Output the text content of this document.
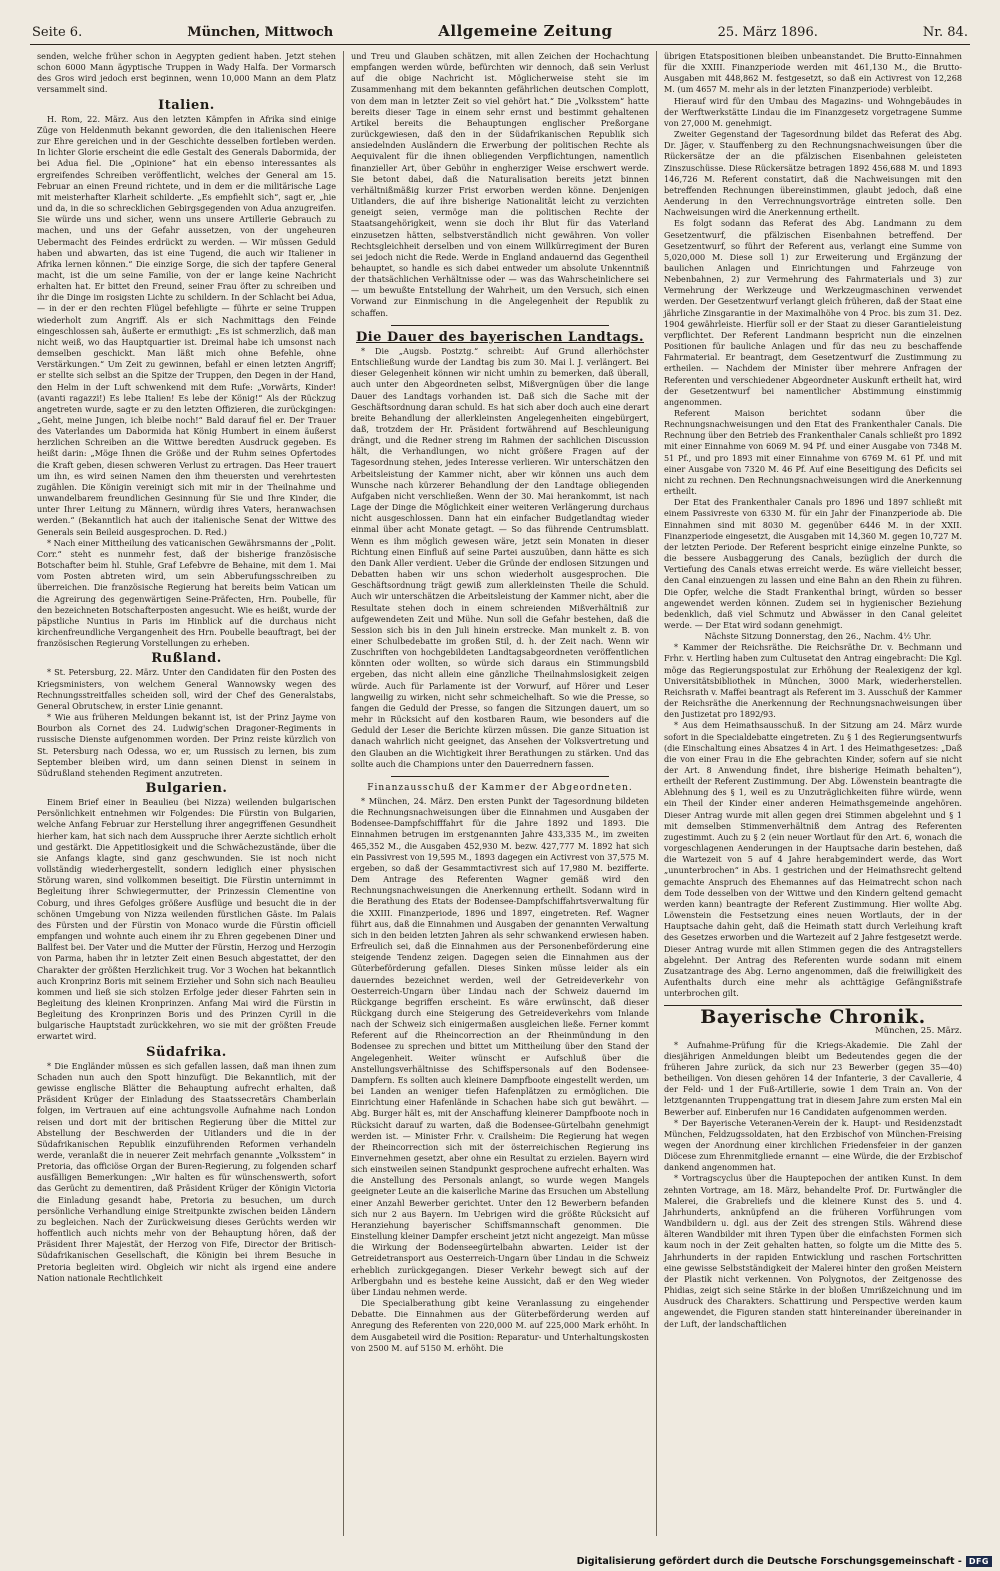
Seite 6.	München, Mittwoch	Allgemeine Zeitung	25. März 1896.	Nr. 84.

senden, welche früher schon in Aegypten gedient haben. Jetzt stehen schon 6000 Mann ägyptische Truppen in Wady Halfa. Der Vormarsch des Gros wird jedoch erst beginnen, wenn 10,000 Mann an dem Platz versammelt sind.

Italien.

H. Rom, 22. März. Aus den letzten Kämpfen in Afrika sind einige Züge von Heldenmuth bekannt geworden, die den italienischen Heere zur Ehre gereichen und in der Geschichte desselben fortleben werden. In lichter Glorie erscheint die edle Gestalt des Generals Dabormida, der bei Adua fiel. Die „Opinione“ hat ein ebenso interessantes als ergreifendes Schreiben veröffentlicht, welches der General am 15. Februar an einen Freund richtete, und in dem er die militärische Lage mit meisterhafter Klarheit schilderte. „Es empfiehlt sich“, sagt er, „hie und da, in die so schrecklichen Gebirgsgegenden von Adua anzugreifen. Sie würde uns und sicher, wenn uns unsere Artillerie Gebrauch zu machen, und uns der Gefahr aussetzen, von der ungeheuren Uebermacht des Feindes erdrückt zu werden. — Wir müssen Geduld haben und abwarten, das ist eine Tugend, die auch wir Italiener in Afrika lernen können.“ Die einzige Sorge, die sich der tapfere General macht, ist die um seine Familie, von der er lange keine Nachricht erhalten hat. Er bittet den Freund, seiner Frau öfter zu schreiben und ihr die Dinge im rosigsten Lichte zu schildern. In der Schlacht bei Adua, — in der er den rechten Flügel befehligte — führte er seine Truppen wiederholt zum Angriff. Als er sich Nachmittags den Feinde eingeschlossen sah, äußerte er ermuthigt: „Es ist schmerzlich, daß man nicht weiß, wo das Hauptquartier ist. Dreimal habe ich umsonst nach demselben geschickt. Man läßt mich ohne Befehle, ohne Verstärkungen.“ Um Zeit zu gewinnen, befahl er einen letzten Angriff; er stellte sich selbst an die Spitze der Truppen, den Degen in der Hand, den Helm in der Luft schwenkend mit dem Rufe: „Vorwärts, Kinder! (avanti ragazzi!) Es lebe Italien! Es lebe der König!“ Als der Rückzug angetreten wurde, sagte er zu den letzten Offizieren, die zurückgingen: „Geht, meine Jungen, ich bleibe noch!“ Bald darauf fiel er. Der Trauer des Vaterlandes um Dabormida hat König Humbert in einem äußerst herzlichen Schreiben an die Wittwe beredten Ausdruck gegeben. Es heißt darin: „Möge Ihnen die Größe und der Ruhm seines Opfertodes die Kraft geben, diesen schweren Verlust zu ertragen. Das Heer trauert um ihn, es wird seinen Namen den ihm theuersten und verehrtesten zugählen. Die Königin vereinigt sich mit mir in der Theilnahme und unwandelbarem freundlichen Gesinnung für Sie und Ihre Kinder, die unter Ihrer Leitung zu Männern, würdig ihres Vaters, heranwachsen werden.“ (Bekanntlich hat auch der italienische Senat der Wittwe des Generals sein Beileid ausgesprochen. D. Red.)

* Nach einer Mittheilung des vaticanischen Gewährsmanns der „Polit. Corr.“ steht es nunmehr fest, daß der bisherige französische Botschafter beim hl. Stuhle, Graf Lefebvre de Behaine, mit dem 1. Mai vom Posten abtreten wird, um sein Abberufungsschreiben zu überreichen. Die französische Regierung hat bereits beim Vatican um die Agreirung des gegenwärtigen Seine-Präfecten, Hrn. Poubelle, für den bezeichneten Botschafterposten angesucht. Wie es heißt, wurde der päpstliche Nuntius in Paris im Hinblick auf die durchaus nicht kirchenfreundliche Vergangenheit des Hrn. Poubelle beauftragt, bei der französischen Regierung Vorstellungen zu erheben.

Rußland.

* St. Petersburg, 22. März. Unter den Candidaten für den Posten des Kriegsministers, von welchem General Wannowsky wegen des Rechnungsstreitfalles scheiden soll, wird der Chef des Generalstabs, General Obrutschew, in erster Linie genannt.

* Wie aus früheren Meldungen bekannt ist, ist der Prinz Jayme von Bourbon als Cornet des 24. Ludwig'schen Dragoner-Regiments in russische Dienste aufgenommen worden. Der Prinz reiste kürzlich von St. Petersburg nach Odessa, wo er, um Russisch zu lernen, bis zum September bleiben wird, um dann seinen Dienst in seinem in Südrußland stehenden Regiment anzutreten.

Bulgarien.

Einem Brief einer in Beaulieu (bei Nizza) weilenden bulgarischen Persönlichkeit entnehmen wir Folgendes: Die Fürstin von Bulgarien, welche Anfang Februar zur Herstellung ihrer angegriffenen Gesundheit hierher kam, hat sich nach dem Ausspruche ihrer Aerzte sichtlich erholt und gestärkt. Die Appetitlosigkeit und die Schwächezustände, über die sie Anfangs klagte, sind ganz geschwunden. Sie ist noch nicht vollständig wiederhergestellt, sondern lediglich einer physischen Störung waren, sind vollkommen beseitigt. Die Fürstin unternimmt in Begleitung ihrer Schwiegermutter, der Prinzessin Clementine von Coburg, und ihres Gefolges größere Ausflüge und besucht die in der schönen Umgebung von Nizza weilenden fürstlichen Gäste. Im Palais des Fürsten und der Fürstin von Monaco wurde die Fürstin officiell empfangen und wohnte auch einem ihr zu Ehren gegebenen Diner und Ballfest bei. Der Vater und die Mutter der Fürstin, Herzog und Herzogin von Parma, haben ihr in letzter Zeit einen Besuch abgestattet, der den Charakter der größten Herzlichkeit trug. Vor 3 Wochen hat bekanntlich auch Kronprinz Boris mit seinem Erzieher und Sohn sich nach Beaulieu kommen und ließ sie sich stolzen Erfolge jeder dieser Fahrten sein in Begleitung des kleinen Kronprinzen. Anfang Mai wird die Fürstin in Begleitung des Kronprinzen Boris und des Prinzen Cyrill in die bulgarische Hauptstadt zurückkehren, wo sie mit der größten Freude erwartet wird.

Südafrika.

* Die Engländer müssen es sich gefallen lassen, daß man ihnen zum Schaden nun auch den Spott hinzufügt. Die Bekanntlich, mit der gewisse englische Blätter die Behauptung aufrecht erhalten, daß Präsident Krüger der Einladung des Staatssecretärs Chamberlain folgen, im Vertrauen auf eine achtungsvolle Aufnahme nach London reisen und dort mit der britischen Regierung über die Mittel zur Abstellung der Beschwerden der Uitlanders und die in der Südafrikanischen Republik einzuführenden Reformen verhandeln werde, veranlaßt die in neuerer Zeit mehrfach genannte „Volksstem“ in Pretoria, das officiöse Organ der Buren-Regierung, zu folgenden scharf ausfälligen Bemerkungen: „Wir halten es für wünschenswerth, sofort das Gerücht zu dementiren, daß Präsident Krüger der Königin Victoria die Einladung gesandt habe, Pretoria zu besuchen, um durch persönliche Verhandlung einige Streitpunkte zwischen beiden Ländern zu begleichen. Nach der Zurückweisung dieses Gerüchts werden wir hoffentlich auch nichts mehr von der Behauptung hören, daß der Präsident Ihrer Majestät, der Herzog von Fife, Director der Britisch-Südafrikanischen Gesellschaft, die Königin bei ihrem Besuche in Pretoria begleiten wird. Obgleich wir nicht als irgend eine andere Nation nationale Rechtlichkeit

und Treu und Glauben schätzen, mit allen Zeichen der Hochachtung empfangen werden würde, befürchten wir dennoch, daß sein Verlust auf die obige Nachricht ist. Möglicherweise steht sie im Zusammenhang mit dem bekannten gefährlichen deutschen Complott, von dem man in letzter Zeit so viel gehört hat.“ Die „Volksstem“ hatte bereits dieser Tage in einem sehr ernst und bestimmt gehaltenen Artikel bereits die Behauptungen englischer Preßorgane zurückgewiesen, daß den in der Südafrikanischen Republik sich ansiedelnden Ausländern die Erwerbung der politischen Rechte als Aequivalent für die ihnen obliegenden Verpflichtungen, namentlich finanzieller Art, über Gebühr in engherziger Weise erschwert werde. Sie betont dabei, daß die Naturalisation bereits jetzt binnen verhältnißmäßig kurzer Frist erworben werden könne. Denjenigen Uitlanders, die auf ihre bisherige Nationalität leicht zu verzichten geneigt seien, vermöge man die politischen Rechte der Staatsangehörigkeit, wenn sie doch ihr Blut für das Vaterland einzusetzen hätten, selbstverständlich nicht gewähren. Von voller Rechtsgleichheit derselben und von einem Willkürregiment der Buren sei jedoch nicht die Rede. Werde in England andauernd das Gegentheil behauptet, so handle es sich dabei entweder um absolute Unkenntniß der thatsächlichen Verhältnisse oder — was das Wahrscheinlichere sei — um bewußte Entstellung der Wahrheit, um den Versuch, sich einen Vorwand zur Einmischung in die Angelegenheit der Republik zu schaffen.

Die Dauer des bayerischen Landtags.

* Die „Augsb. Postztg.“ schreibt: Auf Grund allerhöchster Entschließung wurde der Landtag bis zum 30. Mai l. J. verlängert. Bei dieser Gelegenheit können wir nicht umhin zu bemerken, daß überall, auch unter den Abgeordneten selbst, Mißvergnügen über die lange Dauer des Landtags vorhanden ist. Daß sich die Sache mit der Geschäftsordnung daran schuld. Es hat sich aber doch auch eine derart breite Behandlung der allerkleinsten Angelegenheiten eingebürgert, daß, trotzdem der Hr. Präsident fortwährend auf Beschleunigung drängt, und die Redner streng im Rahmen der sachlichen Discussion hält, die Verhandlungen, wo nicht größere Fragen auf der Tagesordnung stehen, jedes Interesse verlieren. Wir unterschätzen den Arbeitsleistung der Kammer nicht, aber wir können uns auch dem Wunsche nach kürzerer Behandlung der den Landtage obliegenden Aufgaben nicht verschließen. Wenn der 30. Mai herankommt, ist nach Lage der Dinge die Möglichkeit einer weiteren Verlängerung durchaus nicht ausgeschlossen. Dann hat ein einfacher Budgetlandtag wieder einmal über acht Monate getagt. — So das führende Centrumsblatt. Wenn es ihm möglich gewesen wäre, jetzt sein Monaten in dieser Richtung einen Einfluß auf seine Partei auszuüben, dann hätte es sich den Dank Aller verdient. Ueber die Gründe der endlosen Sitzungen und Debatten haben wir uns schon wiederholt ausgesprochen. Die Geschäftsordnung trägt gewiß zum allerkleinsten Theile die Schuld. Auch wir unterschätzen die Arbeitsleistung der Kammer nicht, aber die Resultate stehen doch in einem schreienden Mißverhältniß zur aufgewendeten Zeit und Mühe. Nun soll die Gefahr bestehen, daß die Session sich bis in den Juli hinein erstrecke. Man munkelt z. B. von einer Schulbedebatte im großen Stil, d. h. der Zeit nach. Wenn wir Zuschriften von hochgebildeten Landtagsabgeordneten veröffentlichen könnten oder wollten, so würde sich daraus ein Stimmungsbild ergeben, das nicht allein eine gänzliche Theilnahmslosigkeit zeigen würde. Auch für Parlamente ist der Vorwurf, auf Hörer und Leser langweilig zu wirken, nicht sehr schmeichelhaft. So wie die Presse, so fangen die Geduld der Presse, so fangen die Sitzungen dauert, um so mehr in Rücksicht auf den kostbaren Raum, wie besonders auf die Geduld der Leser die Berichte kürzen müssen. Die ganze Situation ist danach wahrlich nicht geeignet, das Ansehen der Volksvertretung und den Glauben an die Wichtigkeit ihrer Berathungen zu stärken. Und das sollte auch die Champions unter den Dauerrednern fassen.

Finanzausschuß der Kammer der Abgeordneten.

* München, 24. März. Den ersten Punkt der Tagesordnung bildeten die Rechnungsnachweisungen über die Einnahmen und Ausgaben der Bodensee-Dampfschifffahrt für die Jahre 1892 und 1893. Die Einnahmen betrugen im erstgenannten Jahre 433,335 M., im zweiten 465,352 M., die Ausgaben 452,930 M. bezw. 427,777 M. 1892 hat sich ein Passivrest von 19,595 M., 1893 dagegen ein Activrest von 37,575 M. ergeben, so daß der Gesammtactivrest sich auf 17,980 M. bezifferte. Dem Antrage des Referenten Wagner gemäß wird den Rechnungsnachweisungen die Anerkennung ertheilt. Sodann wird in die Berathung des Etats der Bodensee-Dampfschiffahrtsverwaltung für die XXIII. Finanzperiode, 1896 und 1897, eingetreten. Ref. Wagner führt aus, daß die Einnahmen und Ausgaben der genannten Verwaltung sich in den beiden letzten Jahren als sehr schwankend erwiesen haben. Erfreulich sei, daß die Einnahmen aus der Personenbeförderung eine steigende Tendenz zeigen. Dagegen seien die Einnahmen aus der Güterbeförderung gefallen. Dieses Sinken müsse leider als ein dauerndes bezeichnet werden, weil der Getreideverkehr von Oesterreich-Ungarn über Lindau nach der Schweiz dauernd im Rückgange begriffen erscheint. Es wäre erwünscht, daß dieser Rückgang durch eine Steigerung des Getreideverkehrs vom Inlande nach der Schweiz sich einigermaßen ausgleichen ließe. Ferner kommt Referent auf die Rheincorrection an der Rheinmündung in den Bodensee zu sprechen und bittet um Mittheilung über den Stand der Angelegenheit. Weiter wünscht er Aufschluß über die Anstellungsverhältnisse des Schiffspersonals auf den Bodensee-Dampfern. Es sollten auch kleinere Dampfboote eingestellt werden, um bei Landen an weniger tiefen Hafenplätzen zu ermöglichen. Die Einrichtung einer Hafenlände in Schachen habe sich gut bewährt. — Abg. Burger hält es, mit der Anschaffung kleinerer Dampfboote noch in Rücksicht darauf zu warten, daß die Bodensee-Gürtelbahn genehmigt werden ist. — Minister Frhr. v. Crailsheim: Die Regierung hat wegen der Rheincorrection sich mit der österreichischen Regierung ins Einvernehmen gesetzt, aber ohne ein Resultat zu erzielen. Bayern wird sich einstweilen seinen Standpunkt gesprochene aufrecht erhalten. Was die Anstellung des Personals anlangt, so wurde wegen Mangels geeigneter Leute an die kaiserliche Marine das Ersuchen um Abstellung einer Anzahl Bewerber gerichtet. Unter den 12 Bewerbern befanden sich nur 2 aus Bayern. Im Uebrigen wird die größte Rücksicht auf Heranziehung bayerischer Schiffsmannschaft genommen. Die Einstellung kleiner Dampfer erscheint jetzt nicht angezeigt. Man müsse die Wirkung der Bodenseegürtelbahn abwarten. Leider ist der Getreidetransport aus Oesterreich-Ungarn über Lindau in die Schweiz erheblich zurückgegangen. Dieser Verkehr bewegt sich auf der Arlbergbahn und es bestehe keine Aussicht, daß er den Weg wieder über Lindau nehmen werde.

Die Specialberathung gibt keine Veranlassung zu eingehender Debatte. Die Einnahmen aus der Güterbeförderung werden auf Anregung des Referenten von 220,000 M. auf 225,000 Mark erhöht. In dem Ausgabeteil wird die Position: Reparatur- und Unterhaltungskosten von 2500 M. auf 5150 M. erhöht. Die

übrigen Etatspositionen bleiben unbeanstandet. Die Brutto-Einnahmen für die XXIII. Finanzperiode werden mit 461,130 M., die Brutto-Ausgaben mit 448,862 M. festgesetzt, so daß ein Activrest von 12,268 M. (um 4657 M. mehr als in der letzten Finanzperiode) verbleibt.

Hierauf wird für den Umbau des Magazins- und Wohngebäudes in der Werftwerkstätte Lindau die im Finanzgesetz vorgetragene Summe von 27,000 M. genehmigt.

Zweiter Gegenstand der Tagesordnung bildet das Referat des Abg. Dr. Jäger, v. Stauffenberg zu den Rechnungsnachweisungen über die Rückersätze der an die pfälzischen Eisenbahnen geleisteten Zinszuschüsse. Diese Rückersätze betragen 1892 456,688 M. und 1893 146,726 M. Referent constatirt, daß die Nachweisungen mit den betreffenden Rechnungen übereinstimmen, glaubt jedoch, daß eine Aenderung in den Verrechnungsvorträge eintreten solle. Den Nachweisungen wird die Anerkennung ertheilt.

Es folgt sodann das Referat des Abg. Landmann zu dem Gesetzentwurf, die pfälzischen Eisenbahnen betreffend. Der Gesetzentwurf, so führt der Referent aus, verlangt eine Summe von 5,020,000 M. Diese soll 1) zur Erweiterung und Ergänzung der baulichen Anlagen und Einrichtungen und Fahrzeuge von Nebenbahnen, 2) zur Vermehrung des Fahrmaterials und 3) zur Vermehrung der Werkzeuge und Werkzeugmaschinen verwendet werden. Der Gesetzentwurf verlangt gleich früheren, daß der Staat eine jährliche Zinsgarantie in der Maximalhöhe von 4 Proc. bis zum 31. Dez. 1904 gewährleiste. Hierfür soll er der Staat zu dieser Garantieleistung verpflichtet. Der Referent Landmann bespricht nun die einzelnen Positionen für bauliche Anlagen und für das neu zu beschaffende Fahrmaterial. Er beantragt, dem Gesetzentwurf die Zustimmung zu ertheilen. — Nachdem der Minister über mehrere Anfragen der Referenten und verschiedener Abgeordneter Auskunft ertheilt hat, wird der Gesetzentwurf bei namentlicher Abstimmung einstimmig angenommen.

Referent Maison berichtet sodann über die Rechnungsnachweisungen und den Etat des Frankenthaler Canals. Die Rechnung über den Betrieb des Frankenthaler Canals schließt pro 1892 mit einer Einnahme von 6069 M. 94 Pf. und einer Ausgabe von 7348 M. 51 Pf., und pro 1893 mit einer Einnahme von 6769 M. 61 Pf. und mit einer Ausgabe von 7320 M. 46 Pf. Auf eine Beseitigung des Deficits sei nicht zu rechnen. Den Rechnungsnachweisungen wird die Anerkennung ertheilt.

Der Etat des Frankenthaler Canals pro 1896 und 1897 schließt mit einem Passivreste von 6330 M. für ein Jahr der Finanzperiode ab. Die Einnahmen sind mit 8030 M. gegenüber 6446 M. in der XXII. Finanzperiode eingesetzt, die Ausgaben mit 14,360 M. gegen 10,727 M. der letzten Periode. Der Referent bespricht einige einzelne Punkte, so die bessere Ausbaggerung des Canals, bezüglich der durch die Vertiefung des Canals etwas erreicht werde. Es wäre vielleicht besser, den Canal einzuengen zu lassen und eine Bahn an den Rhein zu führen. Die Opfer, welche die Stadt Frankenthal bringt, würden so besser angewendet werden können. Zudem sei in hygienischer Beziehung bedenklich, daß viel Schmutz und Abwässer in den Canal geleitet werde. — Der Etat wird sodann genehmigt.

Nächste Sitzung Donnerstag, den 26., Nachm. 4½ Uhr.

* Kammer der Reichsräthe. Die Reichsräthe Dr. v. Bechmann und Frhr. v. Hertling haben zum Cultusetat den Antrag eingebracht: Die Kgl. möge das Regierungspostulat zur Erhöhung der Realexigenz der kgl. Universitätsbibliothek in München, 3000 Mark, wiederherstellen. Reichsrath v. Maffei beantragt als Referent im 3. Ausschuß der Kammer der Reichsräthe die Anerkennung der Rechnungsnachweisungen über den Justizetat pro 1892/93.

* Aus dem Heimathsausschuß. In der Sitzung am 24. März wurde sofort in die Specialdebatte eingetreten. Zu § 1 des Regierungsentwurfs (die Einschaltung eines Absatzes 4 in Art. 1 des Heimathgesetzes: „Daß die von einer Frau in die Ehe gebrachten Kinder, sofern auf sie nicht der Art. 8 Anwendung findet, ihre bisherige Heimath behalten“), ertheilt der Referent Zustimmung. Der Abg. Löwenstein beantragte die Ablehnung des § 1, weil es zu Unzuträglichkeiten führe würde, wenn ein Theil der Kinder einer anderen Heimathsgemeinde angehören. Dieser Antrag wurde mit allen gegen drei Stimmen abgelehnt und § 1 mit demselben Stimmenverhältniß dem Antrag des Referenten zugestimmt. Auch zu § 2 (ein neuer Wortlaut für den Art. 6, wonach die vorgeschlagenen Aenderungen in der Hauptsache darin bestehen, daß die Wartezeit von 5 auf 4 Jahre herabgemindert werde, das Wort „ununterbrochen“ in Abs. 1 gestrichen und der Heimathsrecht geltend gemachte Anspruch des Ehemannes auf das Heimatrecht schon nach dem Tode desselben von der Wittwe und den Kindern geltend gemacht werden kann) beantragte der Referent Zustimmung. Hier wollte Abg. Löwenstein die Festsetzung eines neuen Wortlauts, der in der Hauptsache dahin geht, daß die Heimath statt durch Verleihung kraft des Gesetzes erworben und die Wartezeit auf 2 Jahre festgesetzt werde. Dieser Antrag wurde mit allen Stimmen gegen die des Antragstellers abgelehnt. Der Antrag des Referenten wurde sodann mit einem Zusatzantrage des Abg. Lerno angenommen, daß die freiwilligkeit des Aufenthalts durch eine mehr als achttägige Gefängnißstrafe unterbrochen gilt.

Bayerische Chronik.
München, 25. März.

* Aufnahme-Prüfung für die Kriegs-Akademie. Die Zahl der diesjährigen Anmeldungen bleibt um Bedeutendes gegen die der früheren Jahre zurück, da sich nur 23 Bewerber (gegen 35—40) betheiligen. Von diesen gehören 14 der Infanterie, 3 der Cavallerie, 4 der Feld- und 1 der Fuß-Artillerie, sowie 1 dem Train an. Von der letztgenannten Truppengattung trat in diesem Jahre zum ersten Mal ein Bewerber auf. Einberufen nur 16 Candidaten aufgenommen werden.

* Der Bayerische Veteranen-Verein der k. Haupt- und Residenzstadt München, Feldzugssoldaten, hat den Erzbischof von München-Freising wegen der Anordnung einer kirchlichen Friedensfeier in der ganzen Diöcese zum Ehrenmitgliede ernannt — eine Würde, die der Erzbischof dankend angenommen hat.

* Vortragscyclus über die Hauptepochen der antiken Kunst. In dem zehnten Vortrage, am 18. März, behandelte Prof. Dr. Furtwängler die Malerei, die Grabreliefs und die kleinere Kunst des 5. und 4. Jahrhunderts, anknüpfend an die früheren Vorführungen vom Wandbildern u. dgl. aus der Zeit des strengen Stils. Während diese älteren Wandbilder mit ihren Typen über die einfachsten Formen sich kaum noch in der Zeit gehalten hatten, so folgte um die Mitte des 5. Jahrhunderts in der rapiden Entwicklung und raschen Fortschritten eine gewisse Selbstständigkeit der Malerei hinter den großen Meistern der Plastik nicht verkennen. Von Polygnotos, der Zeitgenosse des Phidias, zeigt sich seine Stärke in der bloßen Umrißzeichnung und im Ausdruck des Charakters. Schattirung und Perspective werden kaum angewendet, die Figuren standen statt hintereinander übereinander in der Luft, der landschaftlichen

Digitalisierung gefördert durch die Deutsche Forschungsgemeinschaft - DFG
